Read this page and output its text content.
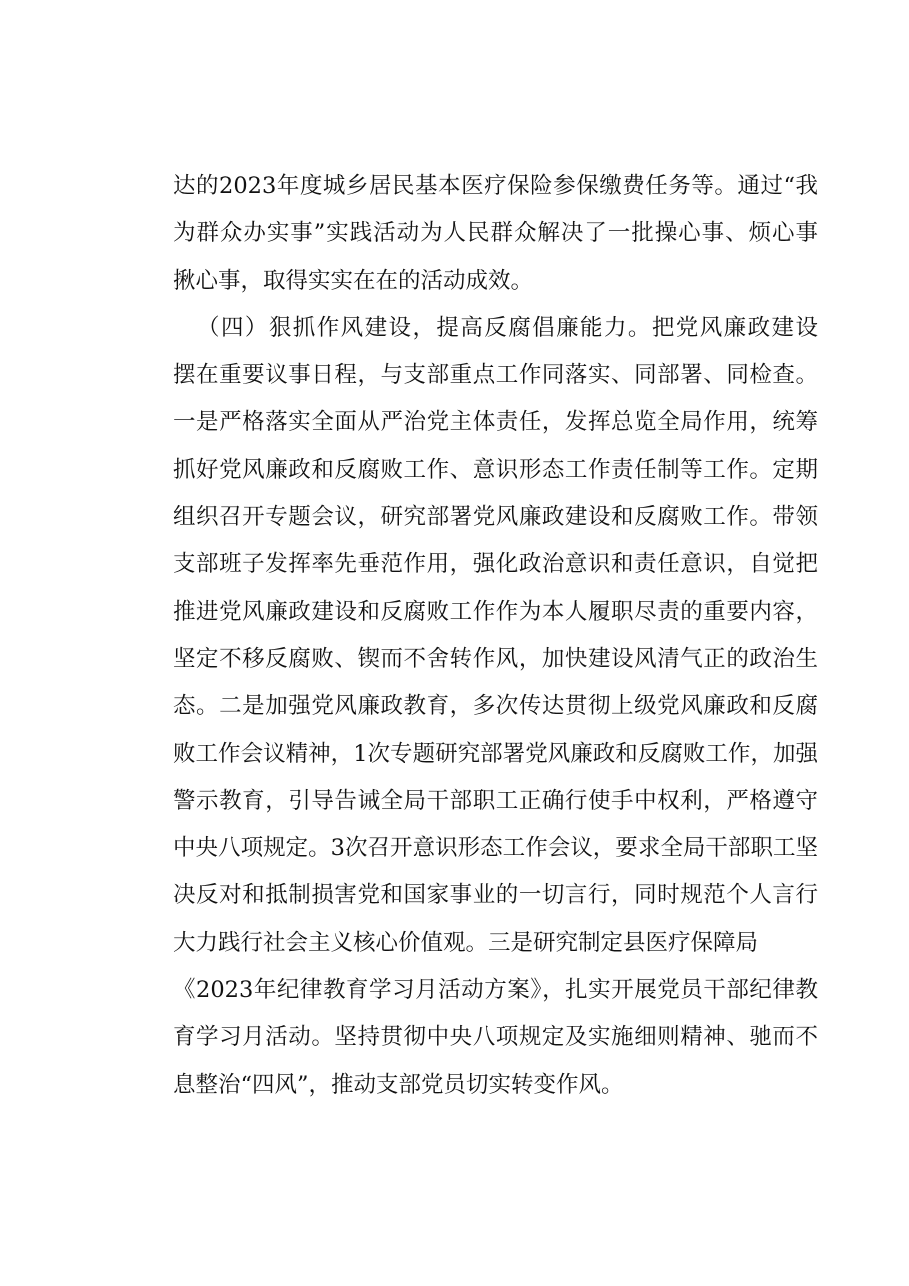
达的2023年度城乡居民基本医疗保险参保缴费任务等。通过“我
为群众办实事”实践活动为人民群众解决了一批操心事、烦心事
揪心事，取得实实在在的活动成效。
（四）狠抓作风建设，提高反腐倡廉能力。把党风廉政建设
摆在重要议事日程，与支部重点工作同落实、同部署、同检查。
一是严格落实全面从严治党主体责任，发挥总览全局作用，统筹
抓好党风廉政和反腐败工作、意识形态工作责任制等工作。定期
组织召开专题会议，研究部署党风廉政建设和反腐败工作。带领
支部班子发挥率先垂范作用，强化政治意识和责任意识，自觉把
推进党风廉政建设和反腐败工作作为本人履职尽责的重要内容，
坚定不移反腐败、锲而不舍转作风，加快建设风清气正的政治生
态。二是加强党风廉政教育，多次传达贯彻上级党风廉政和反腐
败工作会议精神，1次专题研究部署党风廉政和反腐败工作，加强
警示教育，引导告诫全局干部职工正确行使手中权利，严格遵守
中央八项规定。3次召开意识形态工作会议，要求全局干部职工坚
决反对和抵制损害党和国家事业的一切言行，同时规范个人言行
大力践行社会主义核心价值观。三是研究制定县医疗保障局
《2023年纪律教育学习月活动方案》，扎实开展党员干部纪律教
育学习月活动。坚持贯彻中央八项规定及实施细则精神、驰而不
息整治“四风”，推动支部党员切实转变作风。
